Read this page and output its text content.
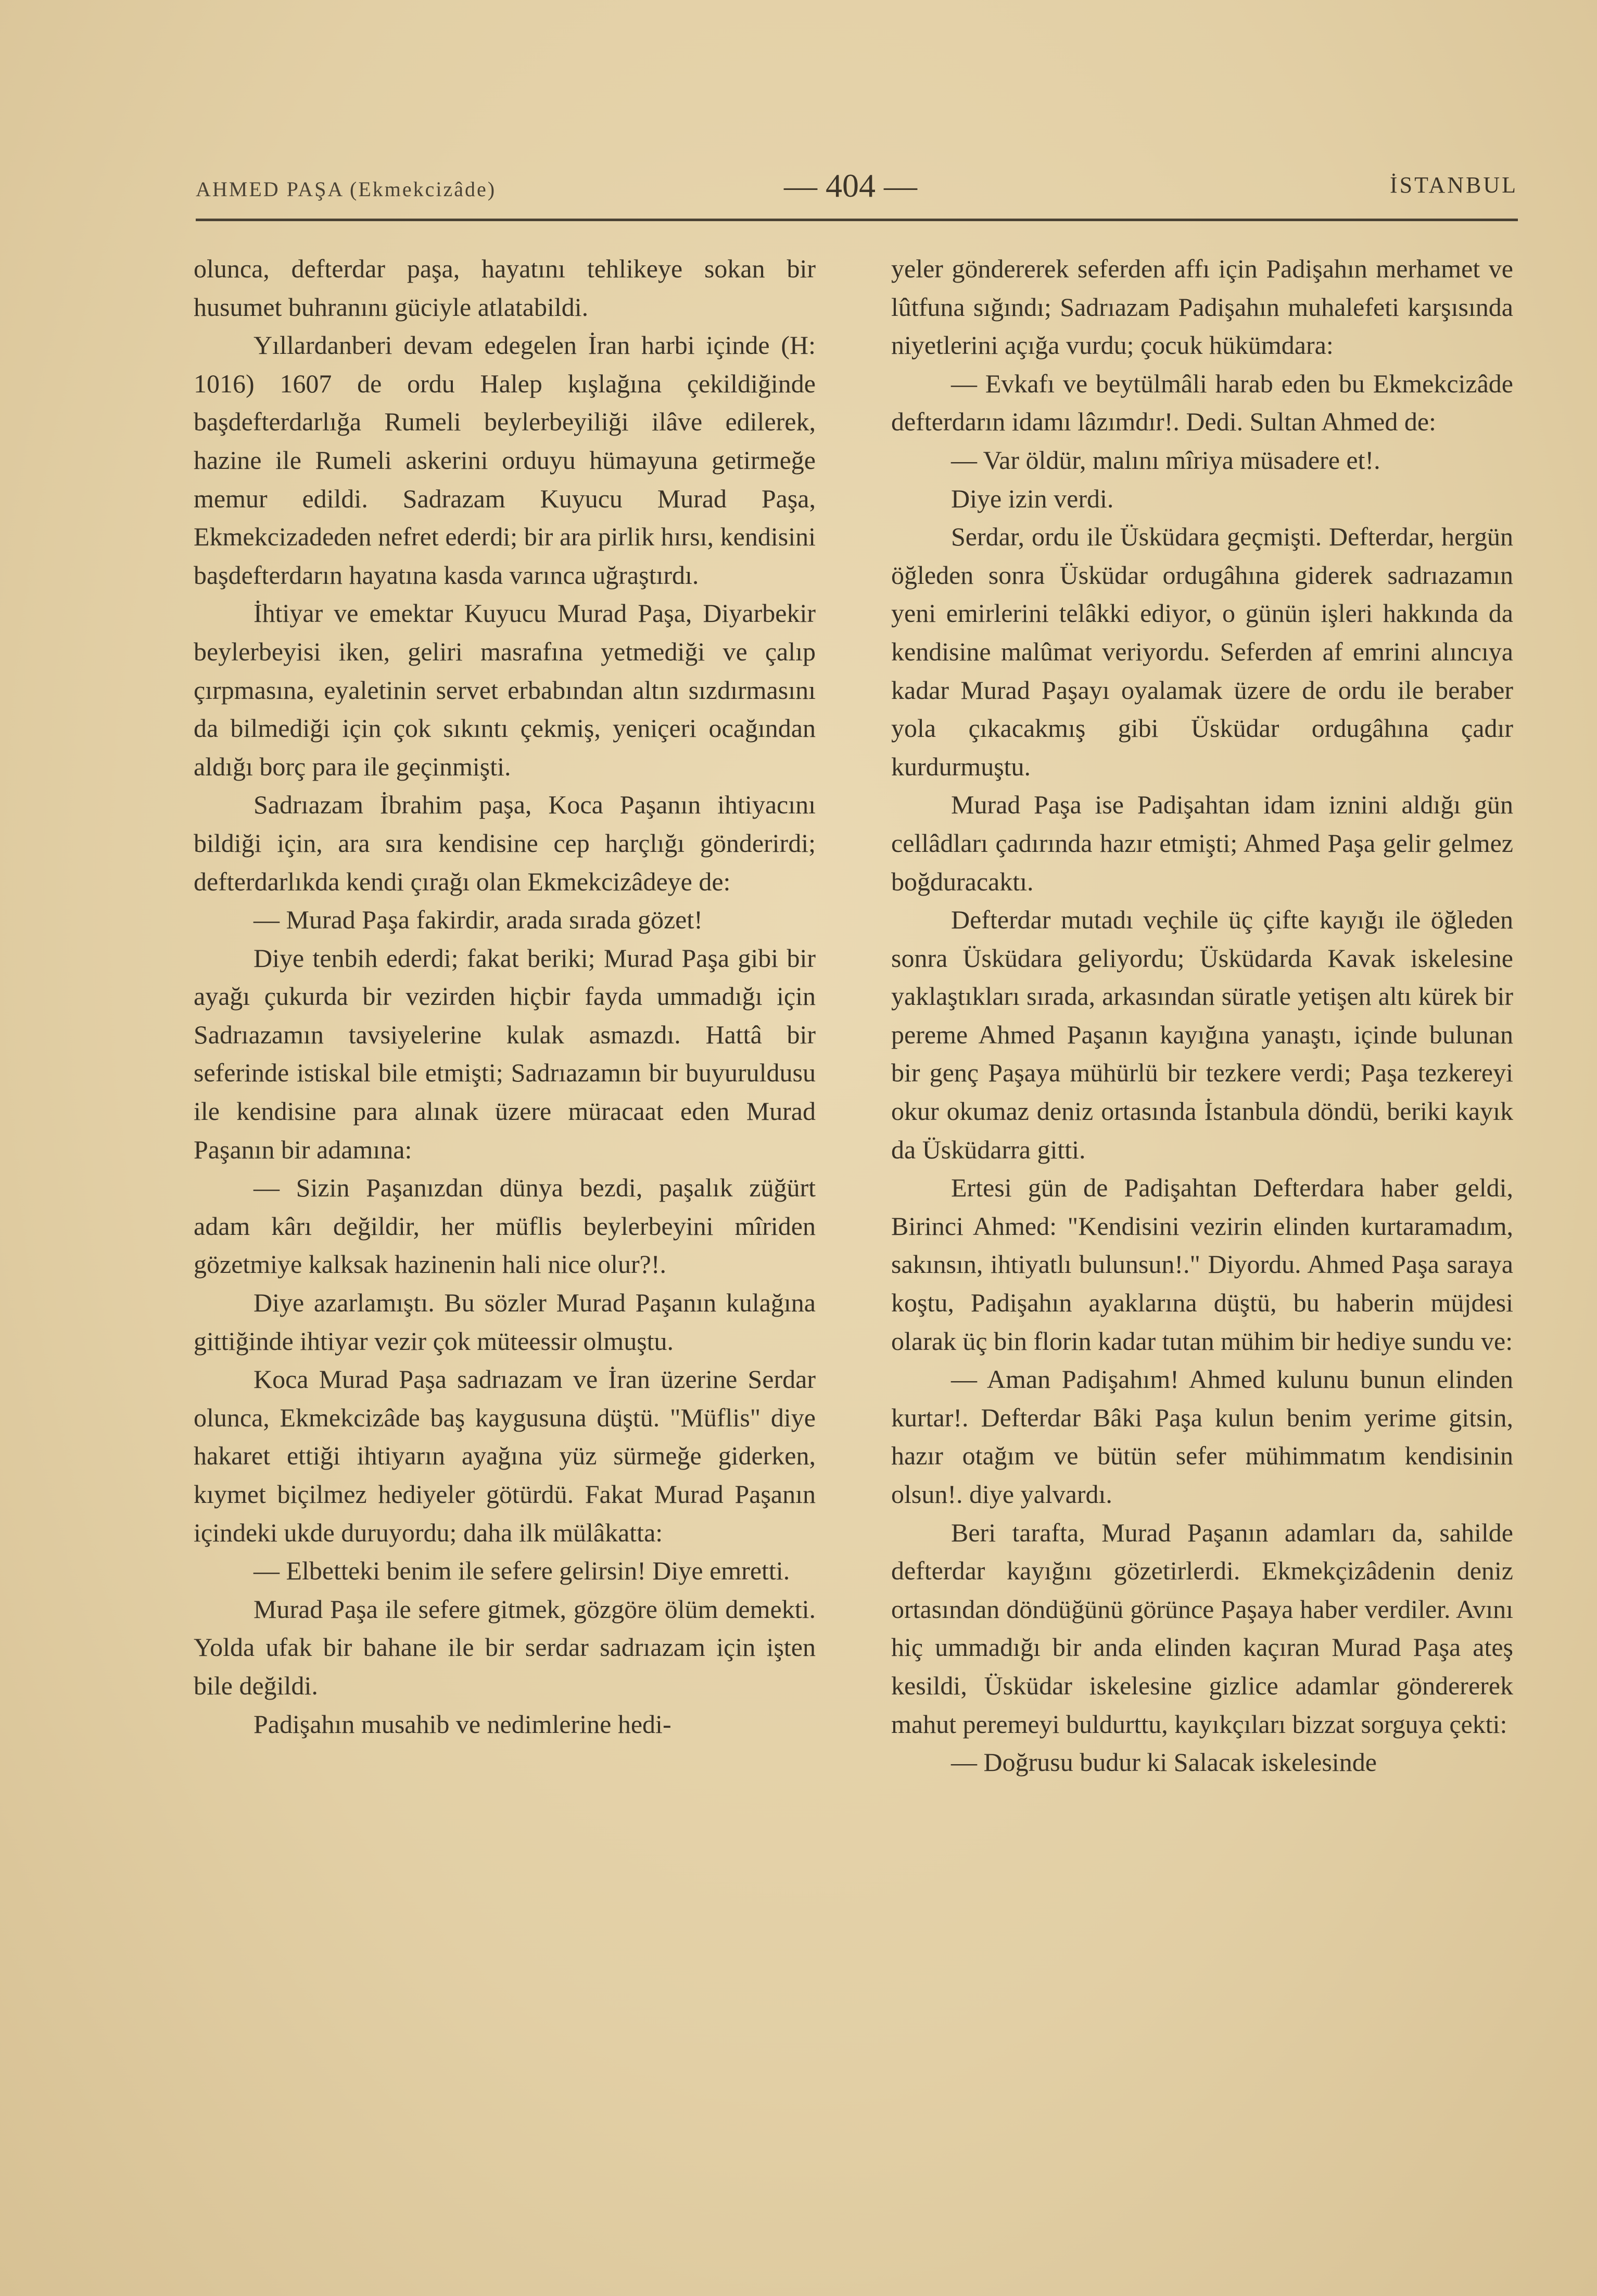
AHMED PAŞA (Ekmekcizâde)	— 404 —	İSTANBUL

olunca, defterdar paşa, hayatını tehlikeye sokan bir husumet buhranını güciyle atlatabildi.

Yıllardanberi devam edegelen İran harbi içinde (H: 1016) 1607 de ordu Halep kışlağına çekildiğinde başdefterdarlığa Rumeli beylerbeyiliği ilâve edilerek, hazine ile Rumeli askerini orduyu hümayuna getirmeğe memur edildi. Sadrazam Kuyucu Murad Paşa, Ekmekcizadeden nefret ederdi; bir ara pirlik hırsı, kendisini başdefterdarın hayatına kasda varınca uğraştırdı.

İhtiyar ve emektar Kuyucu Murad Paşa, Diyarbekir beylerbeyisi iken, geliri masrafına yetmediği ve çalıp çırpmasına, eyaletinin servet erbabından altın sızdırmasını da bilmediği için çok sıkıntı çekmiş, yeniçeri ocağından aldığı borç para ile geçinmişti.

Sadrıazam İbrahim paşa, Koca Paşanın ihtiyacını bildiği için, ara sıra kendisine cep harçlığı gönderirdi; defterdarlıkda kendi çırağı olan Ekmekcizâdeye de:

— Murad Paşa fakirdir, arada sırada gözet!

Diye tenbih ederdi; fakat beriki; Murad Paşa gibi bir ayağı çukurda bir vezirden hiçbir fayda ummadığı için Sadrıazamın tavsiyelerine kulak asmazdı. Hattâ bir seferinde istiskal bile etmişti; Sadrıazamın bir buyuruldusu ile kendisine para alınak üzere müracaat eden Murad Paşanın bir adamına:

— Sizin Paşanızdan dünya bezdi, paşalık züğürt adam kârı değildir, her müflis beylerbeyini mîriden gözetmiye kalksak hazinenin hali nice olur?!.

Diye azarlamıştı. Bu sözler Murad Paşanın kulağına gittiğinde ihtiyar vezir çok müteessir olmuştu.

Koca Murad Paşa sadrıazam ve İran üzerine Serdar olunca, Ekmekcizâde baş kaygusuna düştü. "Müflis" diye hakaret ettiği ihtiyarın ayağına yüz sürmeğe giderken, kıymet biçilmez hediyeler götürdü. Fakat Murad Paşanın içindeki ukde duruyordu; daha ilk mülâkatta:

— Elbetteki benim ile sefere gelirsin! Diye emretti.

Murad Paşa ile sefere gitmek, gözgöre ölüm demekti. Yolda ufak bir bahane ile bir serdar sadrıazam için işten bile değildi.

Padişahın musahib ve nedimlerine hedi-

yeler göndererek seferden affı için Padişahın merhamet ve lûtfuna sığındı; Sadrıazam Padişahın muhalefeti karşısında niyetlerini açığa vurdu; çocuk hükümdara:

— Evkafı ve beytülmâli harab eden bu Ekmekcizâde defterdarın idamı lâzımdır!. Dedi. Sultan Ahmed de:

— Var öldür, malını mîriya müsadere et!.

Diye izin verdi.

Serdar, ordu ile Üsküdara geçmişti. Defterdar, hergün öğleden sonra Üsküdar ordugâhına giderek sadrıazamın yeni emirlerini telâkki ediyor, o günün işleri hakkında da kendisine malûmat veriyordu. Seferden af emrini alıncıya kadar Murad Paşayı oyalamak üzere de ordu ile beraber yola çıkacakmış gibi Üsküdar ordugâhına çadır kurdurmuştu.

Murad Paşa ise Padişahtan idam iznini aldığı gün cellâdları çadırında hazır etmişti; Ahmed Paşa gelir gelmez boğduracaktı.

Defterdar mutadı veçhile üç çifte kayığı ile öğleden sonra Üsküdara geliyordu; Üsküdarda Kavak iskelesine yaklaştıkları sırada, arkasından süratle yetişen altı kürek bir pereme Ahmed Paşanın kayığına yanaştı, içinde bulunan bir genç Paşaya mühürlü bir tezkere verdi; Paşa tezkereyi okur okumaz deniz ortasında İstanbula döndü, beriki kayık da Üsküdarra gitti.

Ertesi gün de Padişahtan Defterdara haber geldi, Birinci Ahmed: "Kendisini vezirin elinden kurtaramadım, sakınsın, ihtiyatlı bulunsun!." Diyordu. Ahmed Paşa saraya koştu, Padişahın ayaklarına düştü, bu haberin müjdesi olarak üç bin florin kadar tutan mühim bir hediye sundu ve:

— Aman Padişahım! Ahmed kulunu bunun elinden kurtar!. Defterdar Bâki Paşa kulun benim yerime gitsin, hazır otağım ve bütün sefer mühimmatım kendisinin olsun!. diye yalvardı.

Beri tarafta, Murad Paşanın adamları da, sahilde defterdar kayığını gözetirlerdi. Ekmekçizâdenin deniz ortasından döndüğünü görünce Paşaya haber verdiler. Avını hiç ummadığı bir anda elinden kaçıran Murad Paşa ateş kesildi, Üsküdar iskelesine gizlice adamlar göndererek mahut peremeyi buldurttu, kayıkçıları bizzat sorguya çekti:

— Doğrusu budur ki Salacak iskelesinde
